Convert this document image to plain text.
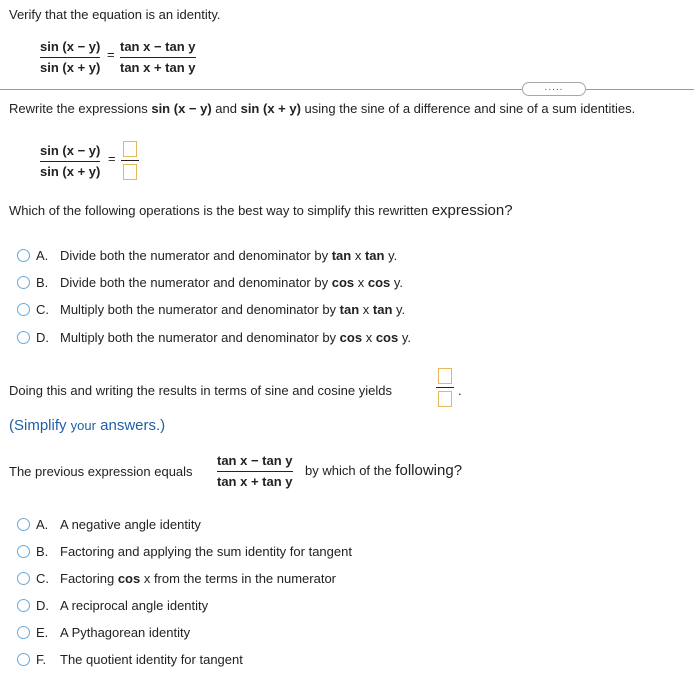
Verify that the equation is an identity.
sin (x − y)
sin (x + y)
=
tan x − tan y
tan x + tan y
.....
Rewrite the expressions sin (x − y) and sin (x + y) using the sine of a difference and sine of a sum identities.
sin (x − y)
sin (x + y)
=
Which of the following operations is the best way to simplify this rewritten expression?
A. Divide both the numerator and denominator by tan x tan y.
B. Divide both the numerator and denominator by cos x cos y.
C. Multiply both the numerator and denominator by tan x tan y.
D. Multiply both the numerator and denominator by cos x cos y.
Doing this and writing the results in terms of sine and cosine yields	.
(Simplify your answers.)
The previous expression equals
tan x − tan y
tan x + tan y
by which of the following?
A. A negative angle identity
B. Factoring and applying the sum identity for tangent
C. Factoring cos x from the terms in the numerator
D. A reciprocal angle identity
E. A Pythagorean identity
F. The quotient identity for tangent
